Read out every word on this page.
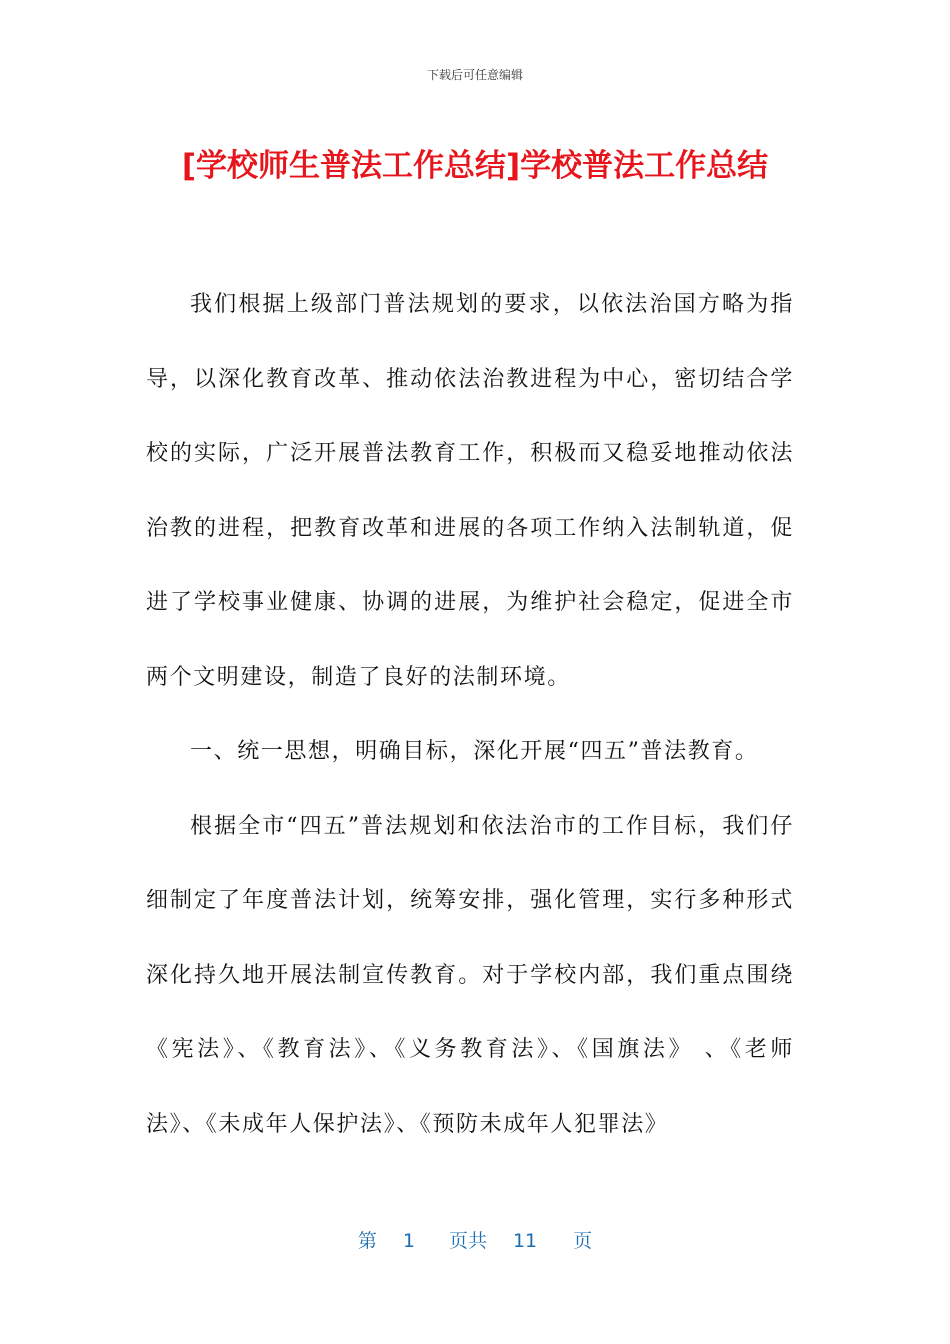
下载后可任意编辑
[学校师生普法工作总结]学校普法工作总结

我们根据上级部门普法规划的要求，以依法治国方略为指导，以深化教育改革、推动依法治教进程为中心，密切结合学校的实际，广泛开展普法教育工作，积极而又稳妥地推动依法治教的进程，把教育改革和进展的各项工作纳入法制轨道，促进了学校事业健康、协调的进展，为维护社会稳定，促进全市两个文明建设，制造了良好的法制环境。

一、统一思想，明确目标，深化开展“四五”普法教育。

根据全市“四五”普法规划和依法治市的工作目标，我们仔细制定了年度普法计划，统筹安排，强化管理，实行多种形式深化持久地开展法制宣传教育。对于学校内部，我们重点围绕《宪法》、《教育法》、《义务教育法》、《国旗法》 、《老师法》、《未成年人保护法》、《预防未成年人犯罪法》

第 1 页共 11 页
